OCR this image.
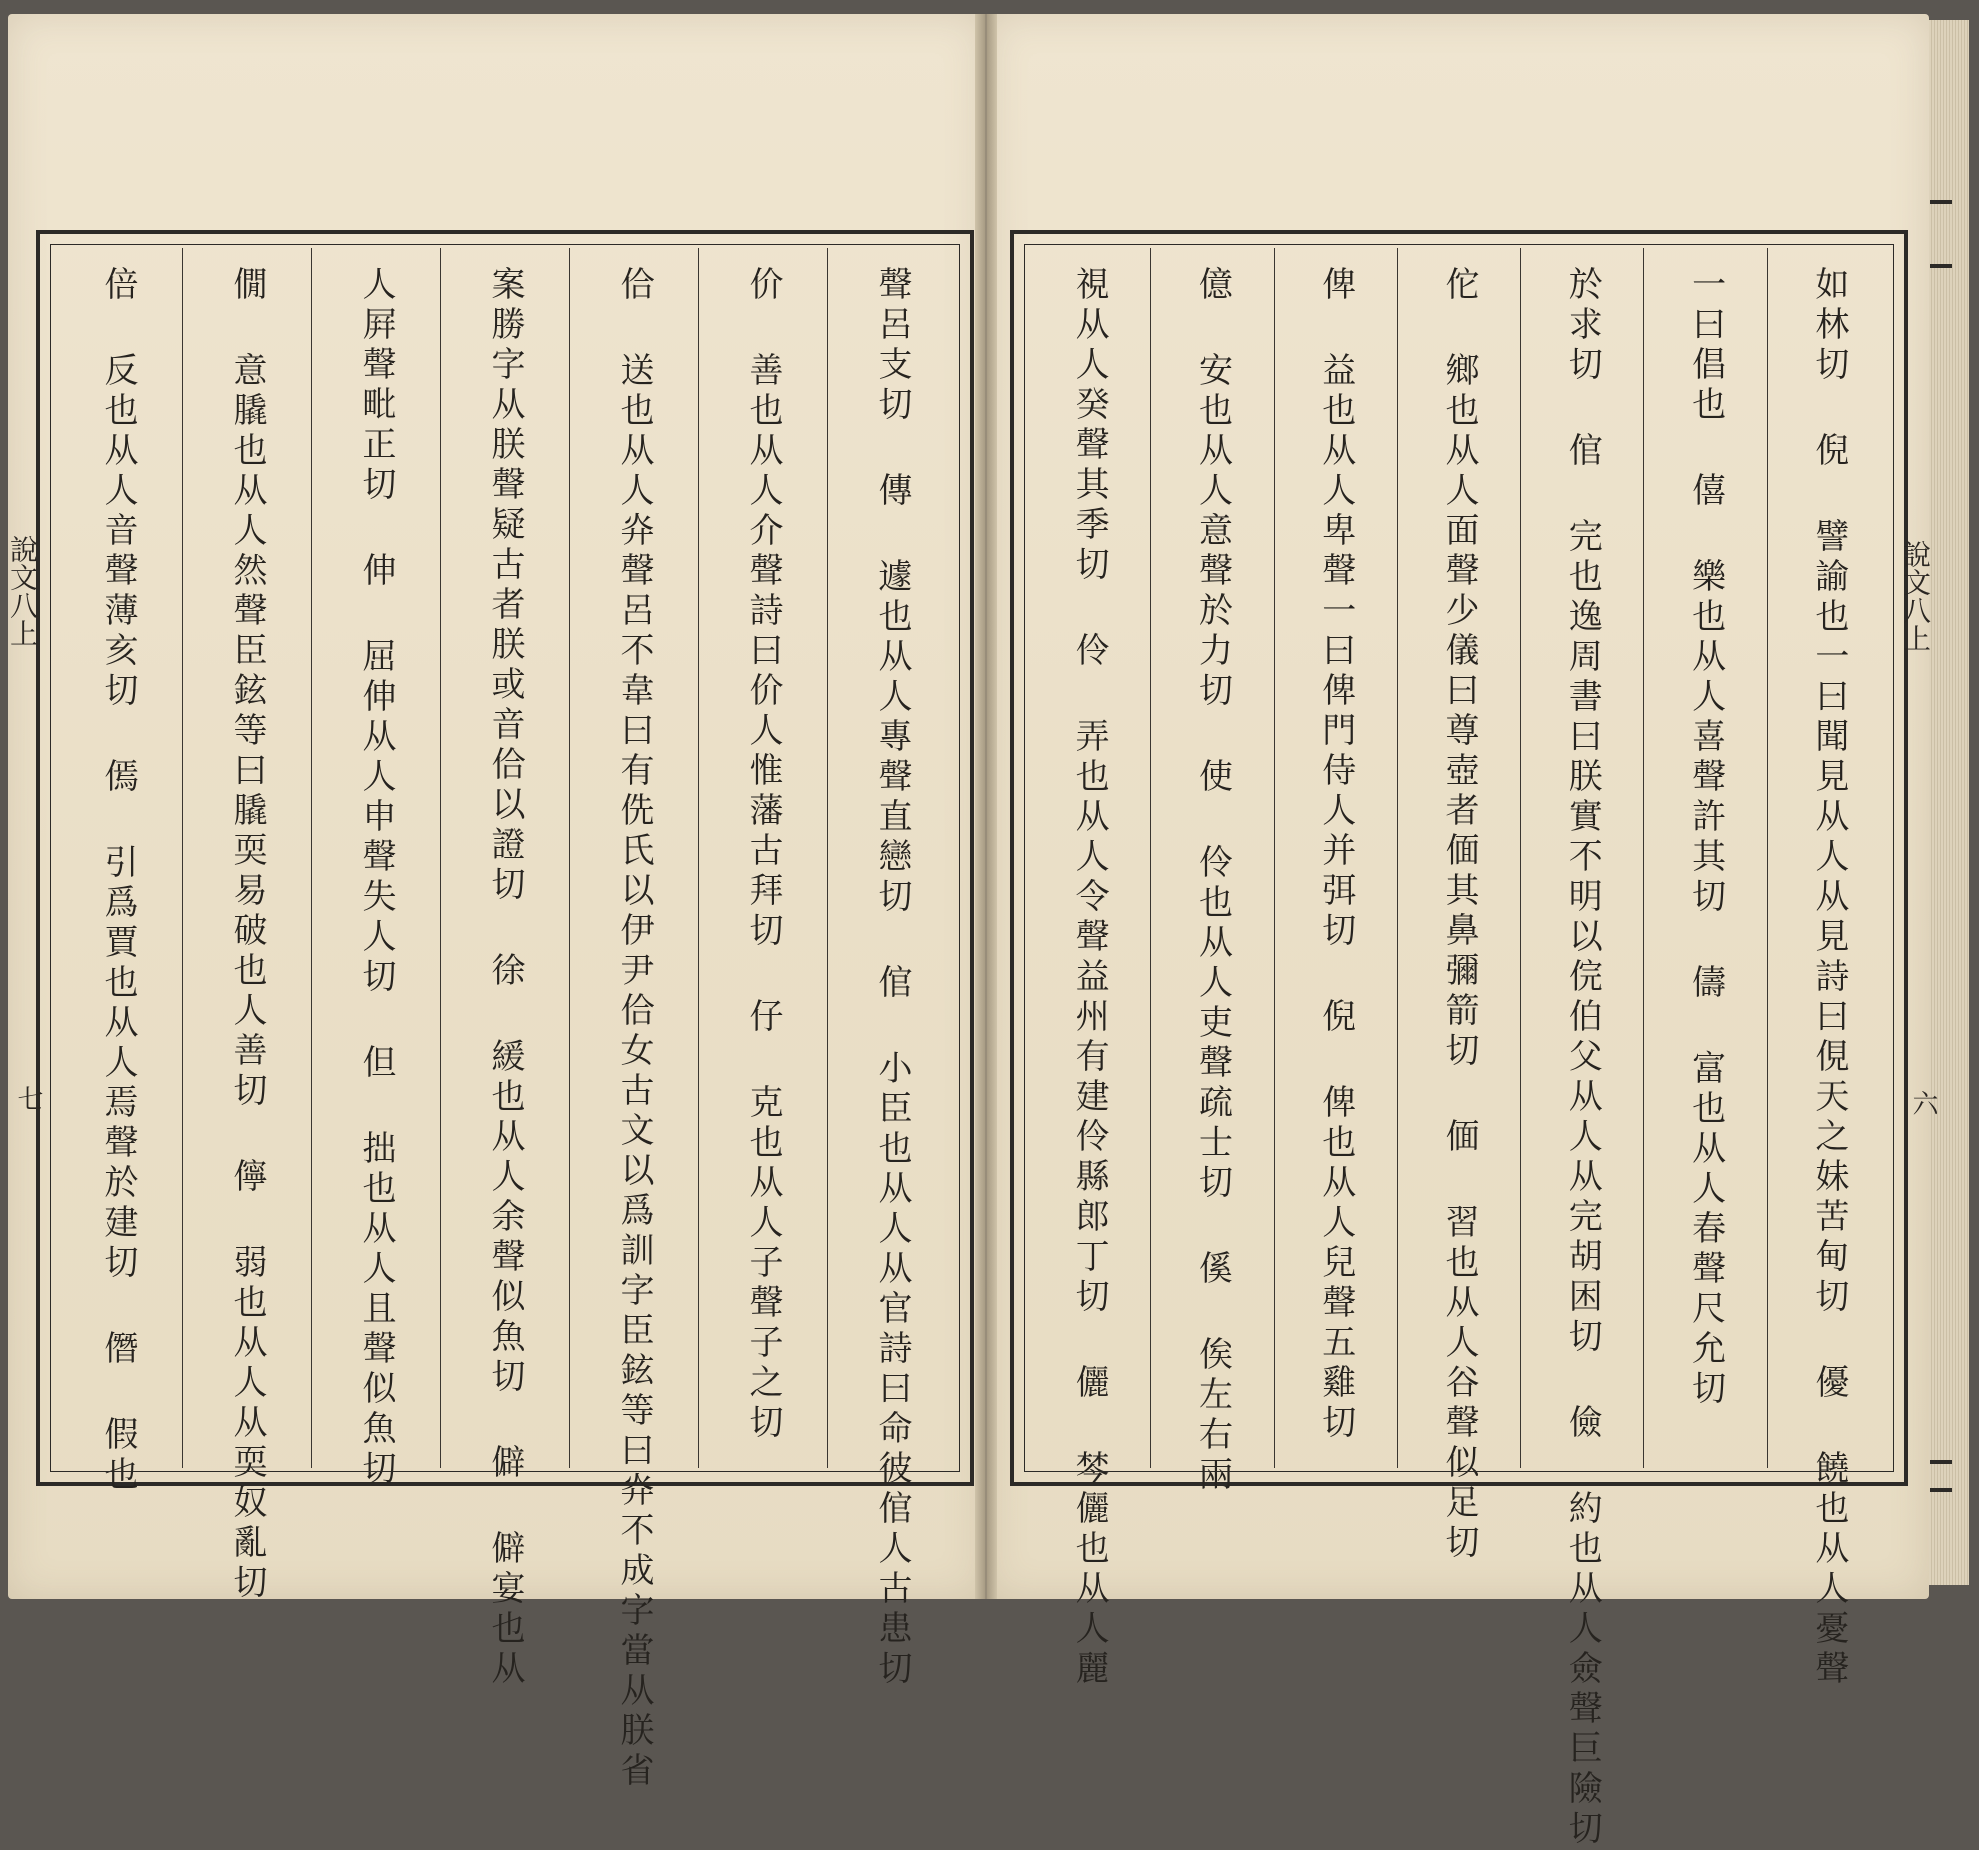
如林切 倪 譬諭也一曰聞見从人从見詩曰俔天之妹苦甸切 優 饒也从人憂聲
一曰倡也 僖 樂也从人喜聲許其切 儔 富也从人春聲尺允切
於求切 倌 完也逸周書曰朕實不明以俒伯父从人从完胡困切 儉 約也从人僉聲巨險切
佗 鄉也从人面聲少儀曰尊壺者偭其鼻彌箭切 偭 習也从人谷聲似足切
俾 益也从人卑聲一曰俾門侍人并弭切 倪 俾也从人兒聲五雞切
億 安也从人意聲於力切 使 伶也从人吏聲疏士切 傒 俟左右兩
視从人癸聲其季切 伶 弄也从人令聲益州有建伶縣郎丁切 儷 棽儷也从人麗
聲呂支切 傳 遽也从人專聲直戀切 倌 小臣也从人从官詩曰命彼倌人古患切
价 善也从人介聲詩曰价人惟藩古拜切 仔 克也从人子聲子之切
佮 送也从人灷聲呂不韋曰有侁氏以伊尹佮女古文以爲訓字臣鉉等曰灷不成字當从朕省
案勝字从朕聲疑古者朕或音佮以證切 徐 緩也从人余聲似魚切 僻 僻宴也从
人屛聲毗正切 伸 屈伸从人申聲失人切 但 拙也从人且聲似魚切
僩 意膬也从人然聲臣鉉等曰膬耎易破也人善切 儜 弱也从人从耎奴亂切
倍 反也从人音聲薄亥切 傿 引爲賈也从人焉聲於建切 僭 假也	說文八上
說文八上
六
七
